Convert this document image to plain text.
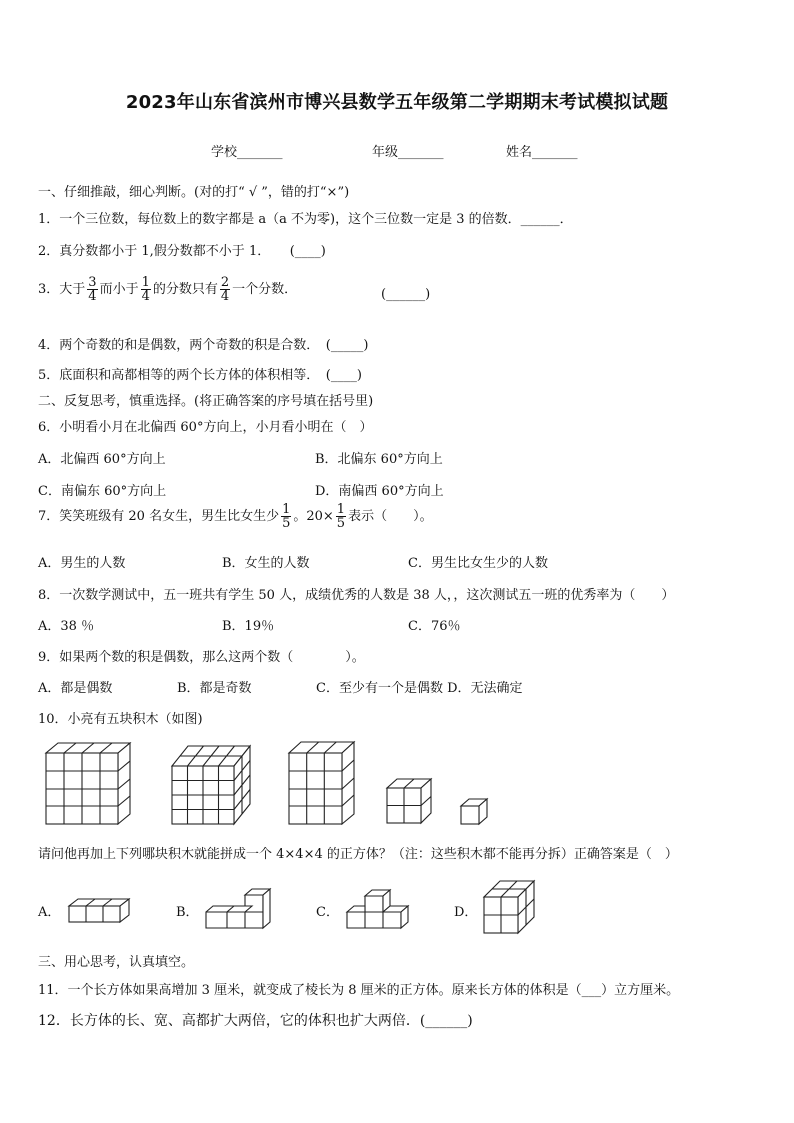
2023年山东省滨州市博兴县数学五年级第二学期期末考试模拟试题
学校_______	年级_______	姓名_______
一、仔细推敲，细心判断。(对的打“ √ ”，错的打“×”)
1．一个三位数，每位数上的数字都是 a（a 不为零)，这个三位数一定是 3 的倍数．______．
2．真分数都小于 1,假分数都不小于 1．　　(____)
3．大于 $\frac{3}{4}$ 而小于 $\frac{1}{4}$ 的分数只有 $\frac{2}{4}$ 一个分数．	(______)
4．两个奇数的和是偶数，两个奇数的积是合数．　(_____)
5．底面积和高都相等的两个长方体的体积相等．　(____)
二、反复思考，慎重选择。(将正确答案的序号填在括号里)
6．小明看小月在北偏西 60°方向上，小月看小明在（　）
A．北偏西 60°方向上	B．北偏东 60°方向上
C．南偏东 60°方向上	D．南偏西 60°方向上
7．笑笑班级有 20 名女生，男生比女生少 $\frac{1}{5}$ 。$20\times \frac{1}{5}$ 表示（　　）。
A．男生的人数	B．女生的人数	C．男生比女生少的人数
8．一次数学测试中，五一班共有学生 50 人，成绩优秀的人数是 38 人，，这次测试五一班的优秀率为（　　）
A．38 ％	B．19％	C．76％
9．如果两个数的积是偶数，那么这两个数（　　　　）。
A．都是偶数	B．都是奇数	C．至少有一个是偶数 D．无法确定
10．小亮有五块积木（如图)
请问他再加上下列哪块积木就能拼成一个 4×4×4 的正方体？（注：这些积木都不能再分拆）正确答案是（　）
A．	B．	C．	D．
三、用心思考，认真填空。
11．一个长方体如果高增加 3 厘米，就变成了棱长为 8 厘米的正方体。原来长方体的体积是（___）立方厘米。
12．长方体的长、宽、高都扩大两倍，它的体积也扩大两倍．(______)
